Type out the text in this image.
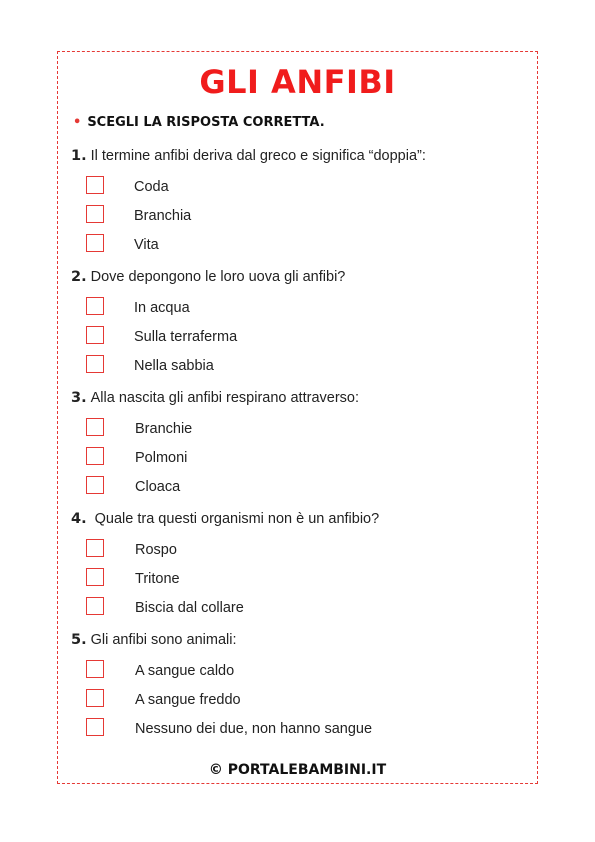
GLI ANFIBI
• SCEGLI LA RISPOSTA CORRETTA.
1. Il termine anfibi deriva dal greco e significa “doppia”:
Coda
Branchia
Vita
2. Dove depongono le loro uova gli anfibi?
In acqua
Sulla terraferma
Nella sabbia
3. Alla nascita gli anfibi respirano attraverso:
Branchie
Polmoni
Cloaca
4. Quale tra questi organismi non è un anfibio?
Rospo
Tritone
Biscia dal collare
5. Gli anfibi sono animali:
A sangue caldo
A sangue freddo
Nessuno dei due, non hanno sangue
© PORTALEBAMBINI.IT
